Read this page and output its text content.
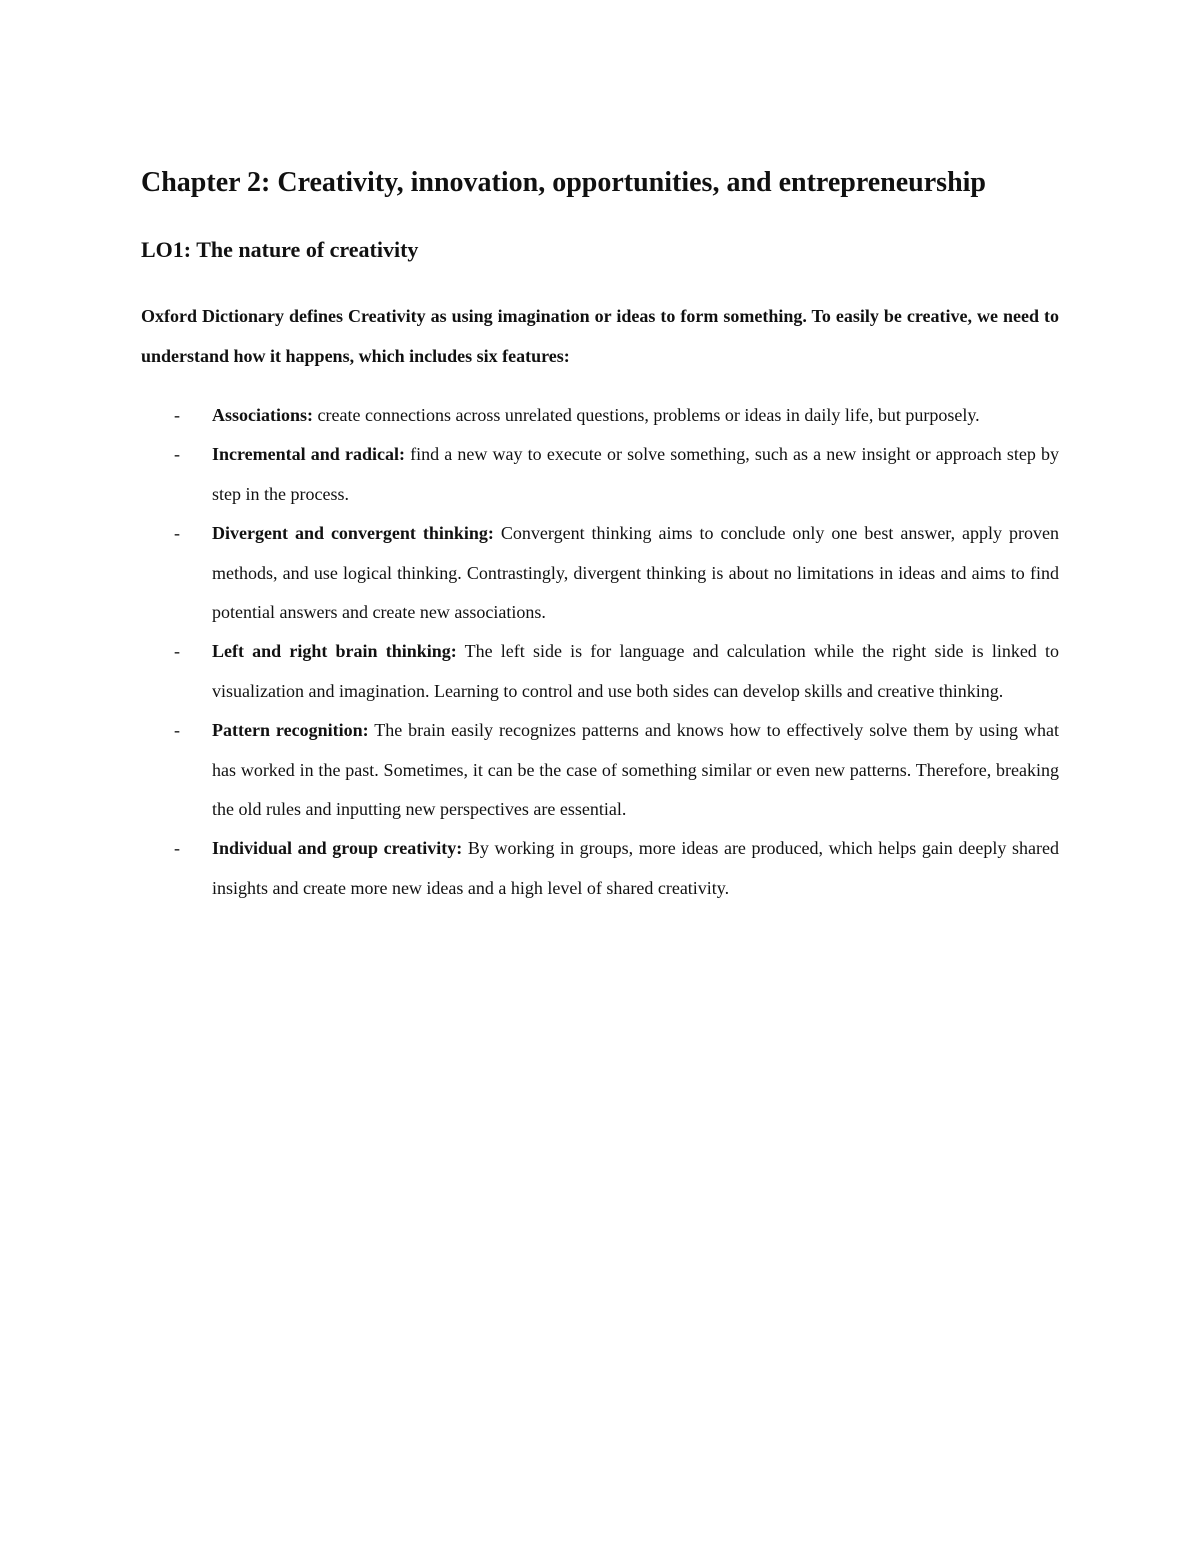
Chapter 2: Creativity, innovation, opportunities, and entrepreneurship
LO1: The nature of creativity

Oxford Dictionary defines Creativity as using imagination or ideas to form something. To easily be creative, we need to understand how it happens, which includes six features:

- Associations: create connections across unrelated questions, problems or ideas in daily life, but purposely.
- Incremental and radical: find a new way to execute or solve something, such as a new insight or approach step by step in the process.
- Divergent and convergent thinking: Convergent thinking aims to conclude only one best answer, apply proven methods, and use logical thinking. Contrastingly, divergent thinking is about no limitations in ideas and aims to find potential answers and create new associations.
- Left and right brain thinking: The left side is for language and calculation while the right side is linked to visualization and imagination. Learning to control and use both sides can develop skills and creative thinking.
- Pattern recognition: The brain easily recognizes patterns and knows how to effectively solve them by using what has worked in the past. Sometimes, it can be the case of something similar or even new patterns. Therefore, breaking the old rules and inputting new perspectives are essential.
- Individual and group creativity: By working in groups, more ideas are produced, which helps gain deeply shared insights and create more new ideas and a high level of shared creativity.
